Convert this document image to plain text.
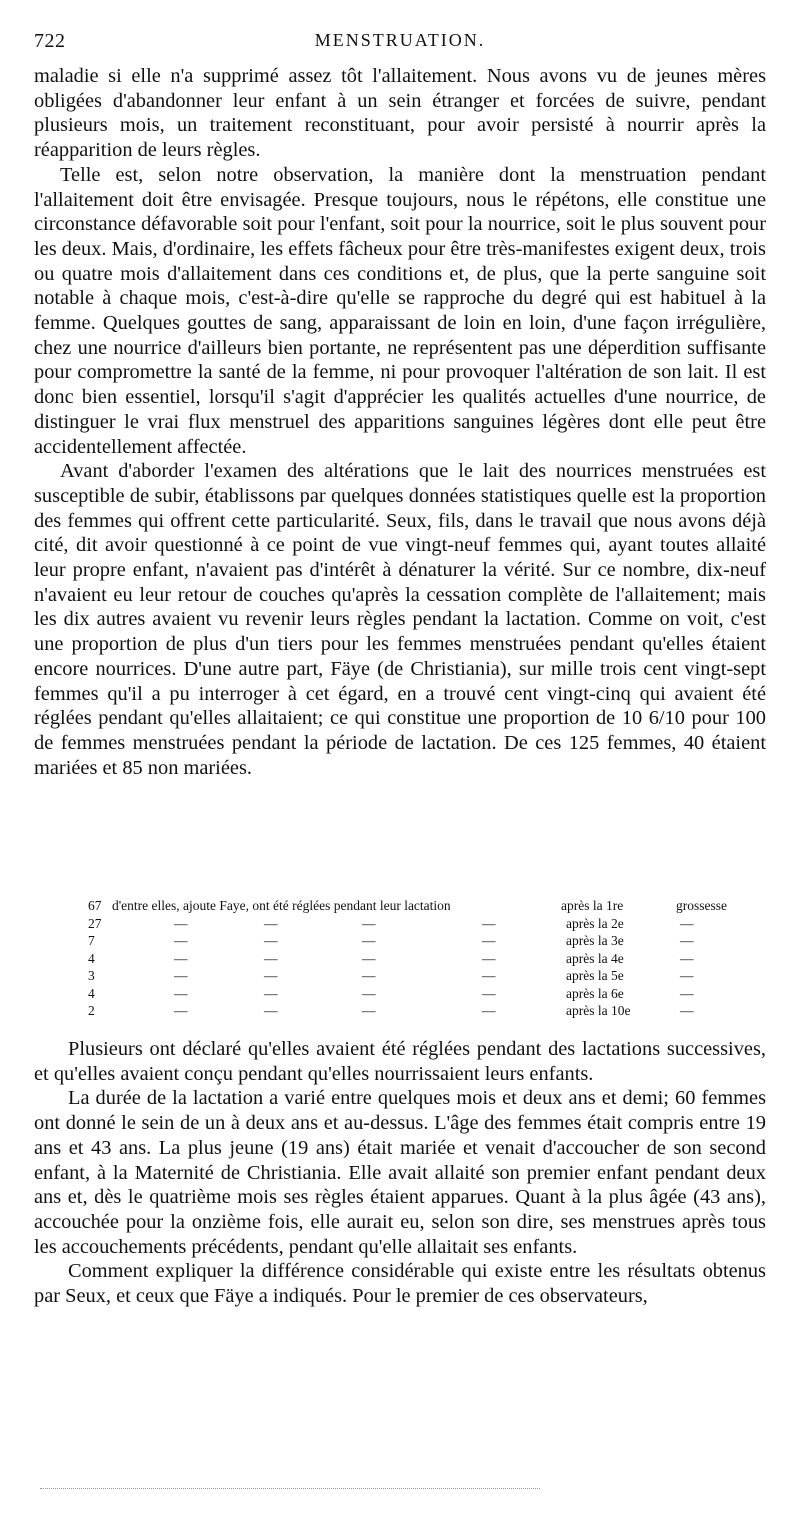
722	MENSTRUATION.

maladie si elle n'a supprimé assez tôt l'allaitement. Nous avons vu de jeunes mères obligées d'abandonner leur enfant à un sein étranger et forcées de suivre, pendant plusieurs mois, un traitement reconstituant, pour avoir persisté à nourrir après la réapparition de leurs règles.

Telle est, selon notre observation, la manière dont la menstruation pendant l'allaitement doit être envisagée. Presque toujours, nous le répétons, elle constitue une circonstance défavorable soit pour l'enfant, soit pour la nourrice, soit le plus souvent pour les deux. Mais, d'ordinaire, les effets fâcheux pour être très-manifestes exigent deux, trois ou quatre mois d'allaitement dans ces conditions et, de plus, que la perte sanguine soit notable à chaque mois, c'est-à-dire qu'elle se rapproche du degré qui est habituel à la femme. Quelques gouttes de sang, apparaissant de loin en loin, d'une façon irrégulière, chez une nourrice d'ailleurs bien portante, ne représentent pas une déperdition suffisante pour compromettre la santé de la femme, ni pour provoquer l'altération de son lait. Il est donc bien essentiel, lorsqu'il s'agit d'apprécier les qualités actuelles d'une nourrice, de distinguer le vrai flux menstruel des apparitions sanguines légères dont elle peut être accidentellement affectée.

Avant d'aborder l'examen des altérations que le lait des nourrices menstruées est susceptible de subir, établissons par quelques données statistiques quelle est la proportion des femmes qui offrent cette particularité. Seux, fils, dans le travail que nous avons déjà cité, dit avoir questionné à ce point de vue vingt-neuf femmes qui, ayant toutes allaité leur propre enfant, n'avaient pas d'intérêt à dénaturer la vérité. Sur ce nombre, dix-neuf n'avaient eu leur retour de couches qu'après la cessation complète de l'allaitement; mais les dix autres avaient vu revenir leurs règles pendant la lactation. Comme on voit, c'est une proportion de plus d'un tiers pour les femmes menstruées pendant qu'elles étaient encore nourrices. D'une autre part, Fäye (de Christiania), sur mille trois cent vingt-sept femmes qu'il a pu interroger à cet égard, en a trouvé cent vingt-cinq qui avaient été réglées pendant qu'elles allaitaient; ce qui constitue une proportion de 10 6/10 pour 100 de femmes menstruées pendant la période de lactation. De ces 125 femmes, 40 étaient mariées et 85 non mariées.

67 d'entre elles, ajoute Faye, ont été réglées pendant leur lactation	après la 1re	grossesse
27	—	—	—	—	après la 2e	—
7	—	—	—	—	après la 3e	—
4	—	—	—	—	après la 4e	—
3	—	—	—	—	après la 5e	—
4	—	—	—	—	après la 6e	—
2	—	—	—	—	après la 10e	—

Plusieurs ont déclaré qu'elles avaient été réglées pendant des lactations successives, et qu'elles avaient conçu pendant qu'elles nourrissaient leurs enfants.

La durée de la lactation a varié entre quelques mois et deux ans et demi; 60 femmes ont donné le sein de un à deux ans et au-dessus. L'âge des femmes était compris entre 19 ans et 43 ans. La plus jeune (19 ans) était mariée et venait d'accoucher de son second enfant, à la Maternité de Christiania. Elle avait allaité son premier enfant pendant deux ans et, dès le quatrième mois ses règles étaient apparues. Quant à la plus âgée (43 ans), accouchée pour la onzième fois, elle aurait eu, selon son dire, ses menstrues après tous les accouchements précédents, pendant qu'elle allaitait ses enfants.

Comment expliquer la différence considérable qui existe entre les résultats obtenus par Seux, et ceux que Fäye a indiqués. Pour le premier de ces observateurs,
